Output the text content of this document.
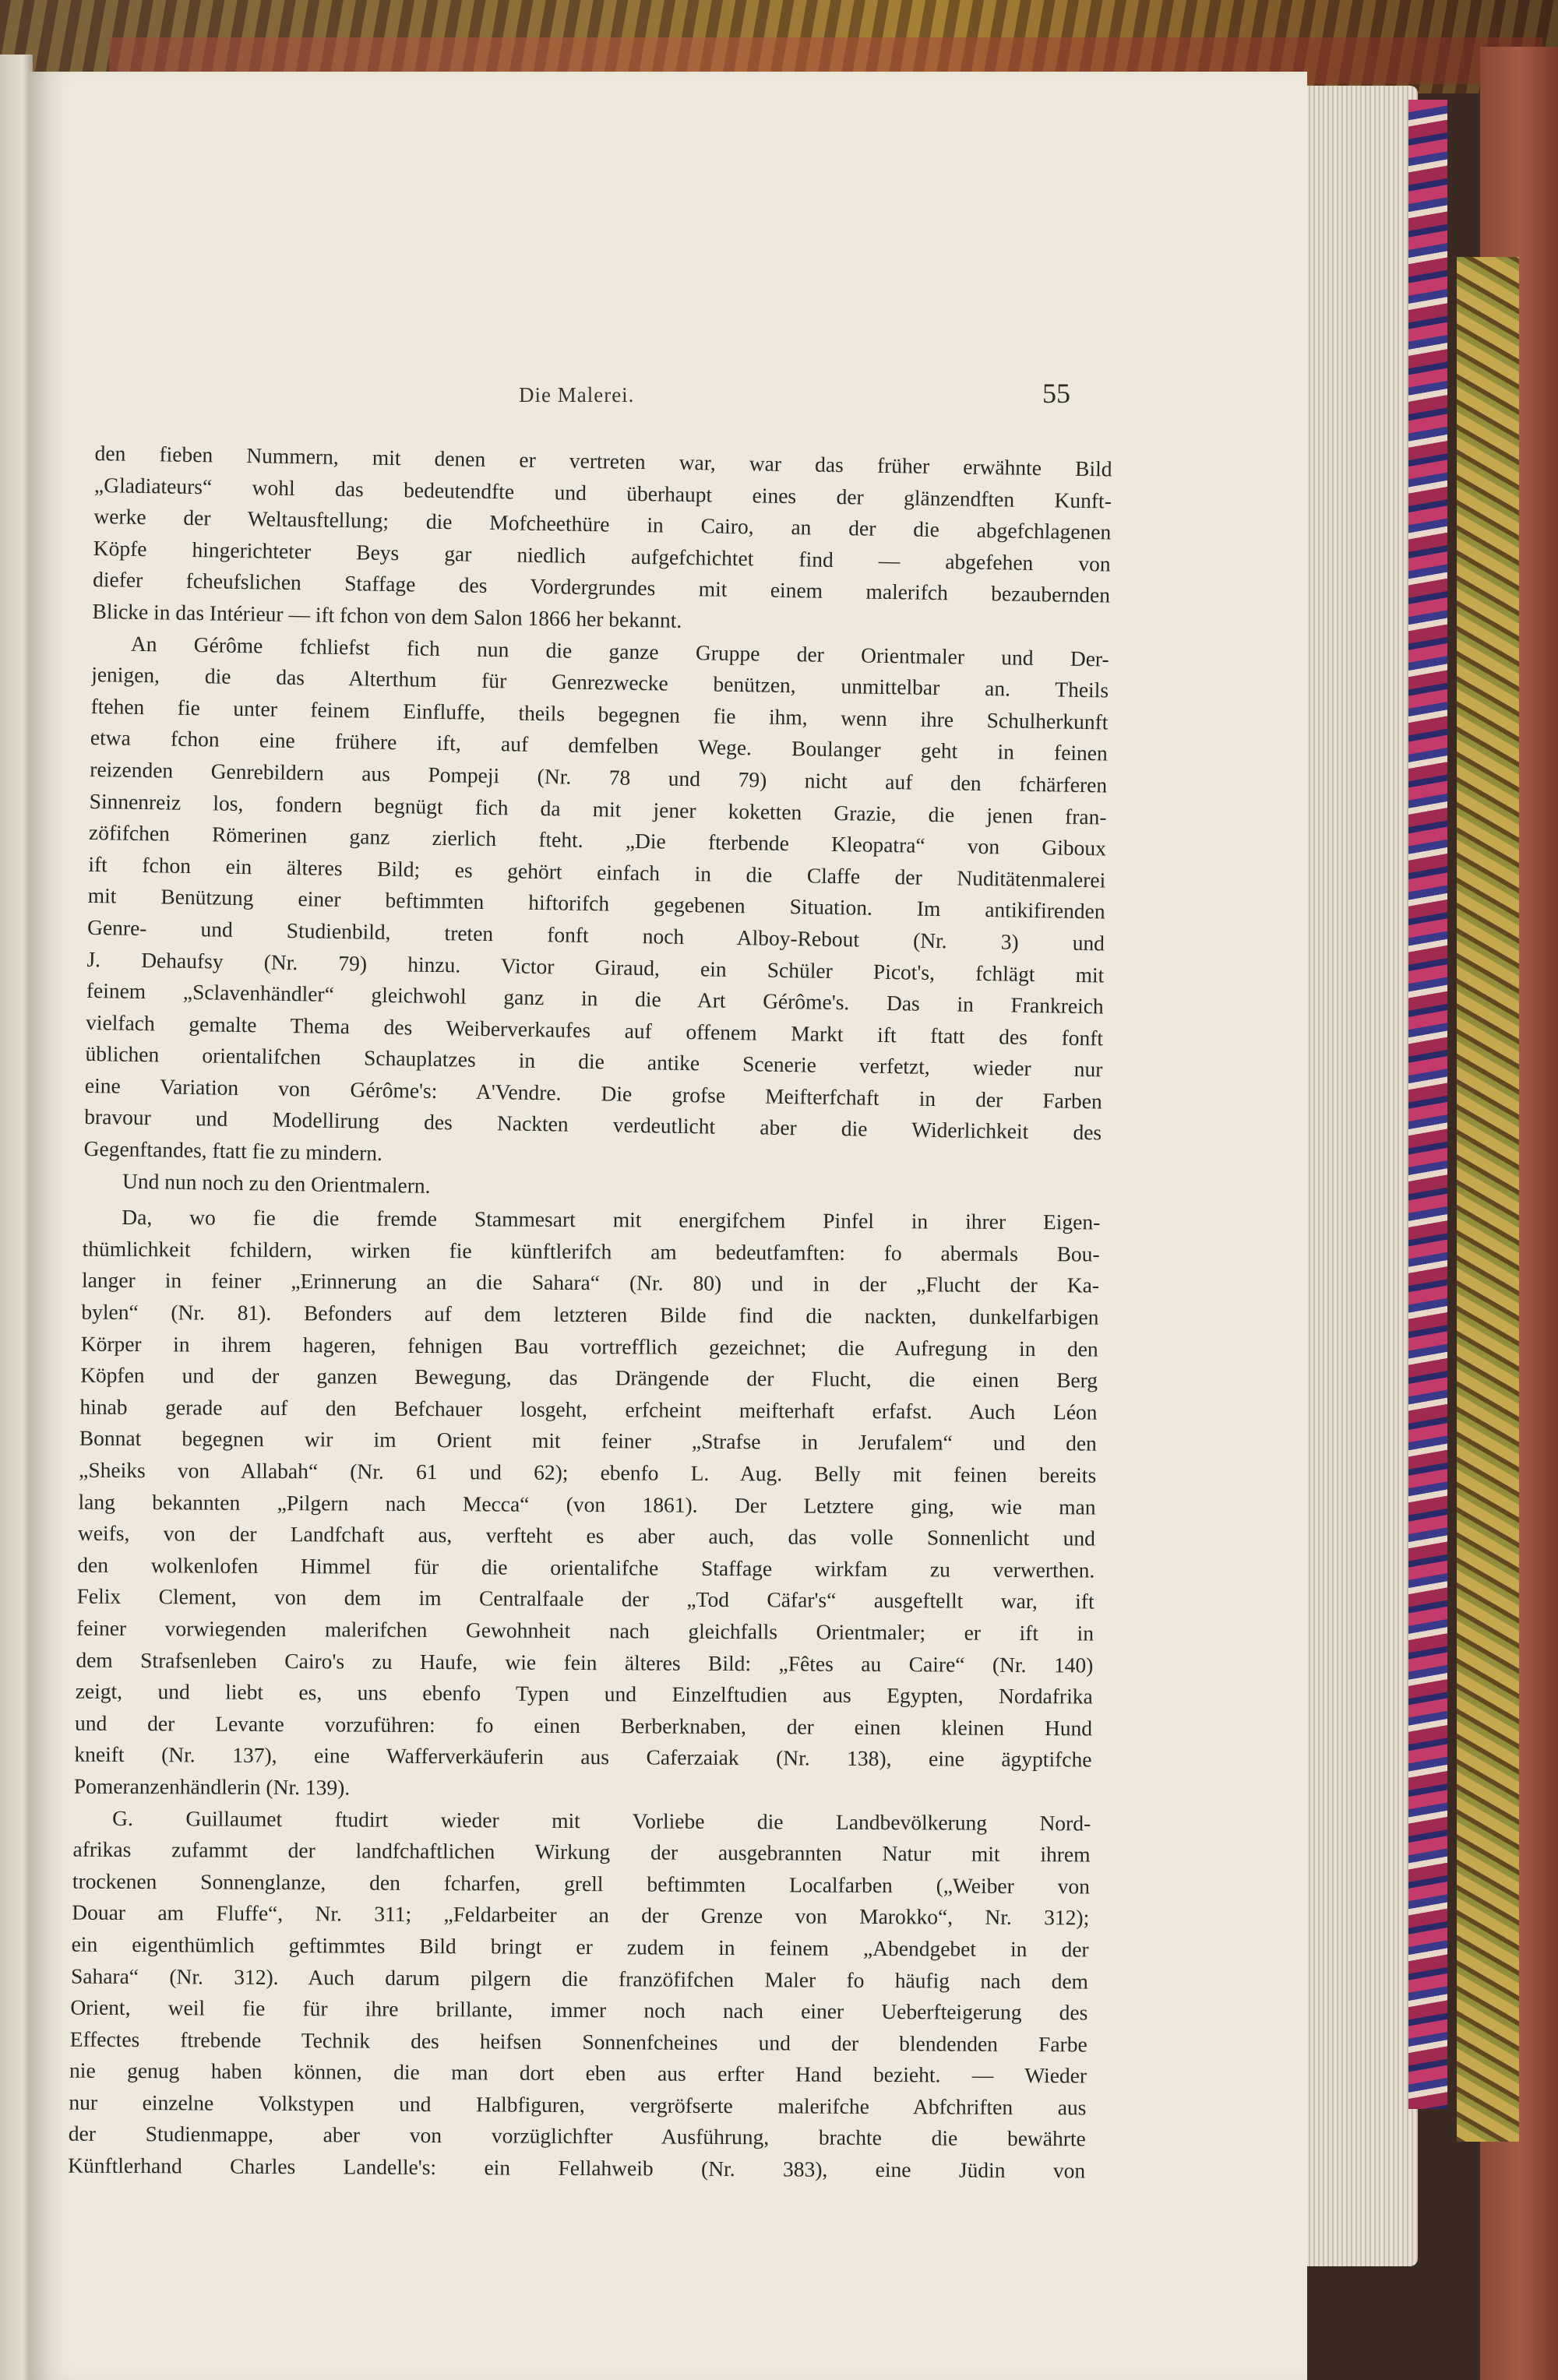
Die Malerei.	55
den fieben Nummern, mit denen er vertreten war, war das früher erwähnte Bild
„Gladiateurs“ wohl das bedeutendfte und überhaupt eines der glänzendften Kunft-
werke der Weltausftellung; die Mofcheethüre in Cairo, an der die abgefchlagenen
Köpfe hingerichteter Beys gar niedlich aufgefchichtet find — abgefehen von
diefer fcheufslichen Staffage des Vordergrundes mit einem malerifch bezaubernden
Blicke in das Intérieur — ift fchon von dem Salon 1866 her bekannt.
An Gérôme fchliefst fich nun die ganze Gruppe der Orientmaler und Der-
jenigen, die das Alterthum für Genrezwecke benützen, unmittelbar an. Theils
ftehen fie unter feinem Einfluffe, theils begegnen fie ihm, wenn ihre Schulherkunft
etwa fchon eine frühere ift, auf demfelben Wege. Boulanger geht in feinen
reizenden Genrebildern aus Pompeji (Nr. 78 und 79) nicht auf den fchärferen
Sinnenreiz los, fondern begnügt fich da mit jener koketten Grazie, die jenen fran-
zöfifchen Römerinen ganz zierlich fteht. „Die fterbende Kleopatra“ von Giboux
ift fchon ein älteres Bild; es gehört einfach in die Claffe der Nuditätenmalerei
mit Benützung einer beftimmten hiftorifch gegebenen Situation. Im antikifirenden
Genre- und Studienbild, treten fonft noch Alboy-Rebout (Nr. 3) und
J. Dehaufsy (Nr. 79) hinzu. Victor Giraud, ein Schüler Picot's, fchlägt mit
feinem „Sclavenhändler“ gleichwohl ganz in die Art Gérôme's. Das in Frankreich
vielfach gemalte Thema des Weiberverkaufes auf offenem Markt ift ftatt des fonft
üblichen orientalifchen Schauplatzes in die antike Scenerie verfetzt, wieder nur
eine Variation von Gérôme's: A'Vendre. Die grofse Meifterfchaft in der Farben
bravour und Modellirung des Nackten verdeutlicht aber die Widerlichkeit des
Gegenftandes, ftatt fie zu mindern.
Und nun noch zu den Orientmalern.
Da, wo fie die fremde Stammesart mit energifchem Pinfel in ihrer Eigen-
thümlichkeit fchildern, wirken fie künftlerifch am bedeutfamften: fo abermals Bou-
langer in feiner „Erinnerung an die Sahara“ (Nr. 80) und in der „Flucht der Ka-
bylen“ (Nr. 81). Befonders auf dem letzteren Bilde find die nackten, dunkelfarbigen
Körper in ihrem hageren, fehnigen Bau vortrefflich gezeichnet; die Aufregung in den
Köpfen und der ganzen Bewegung, das Drängende der Flucht, die einen Berg
hinab gerade auf den Befchauer losgeht, erfcheint meifterhaft erfafst. Auch Léon
Bonnat begegnen wir im Orient mit feiner „Strafse in Jerufalem“ und den
„Sheiks von Allabah“ (Nr. 61 und 62); ebenfo L. Aug. Belly mit feinen bereits
lang bekannten „Pilgern nach Mecca“ (von 1861). Der Letztere ging, wie man
weifs, von der Landfchaft aus, verfteht es aber auch, das volle Sonnenlicht und
den wolkenlofen Himmel für die orientalifche Staffage wirkfam zu verwerthen.
Felix Clement, von dem im Centralfaale der „Tod Cäfar's“ ausgeftellt war, ift
feiner vorwiegenden malerifchen Gewohnheit nach gleichfalls Orientmaler; er ift in
dem Strafsenleben Cairo's zu Haufe, wie fein älteres Bild: „Fêtes au Caire“ (Nr. 140)
zeigt, und liebt es, uns ebenfo Typen und Einzelftudien aus Egypten, Nordafrika
und der Levante vorzuführen: fo einen Berberknaben, der einen kleinen Hund
kneift (Nr. 137), eine Wafferverkäuferin aus Caferzaiak (Nr. 138), eine ägyptifche
Pomeranzenhändlerin (Nr. 139).
G. Guillaumet ftudirt wieder mit Vorliebe die Landbevölkerung Nord-
afrikas zufammt der landfchaftlichen Wirkung der ausgebrannten Natur mit ihrem
trockenen Sonnenglanze, den fcharfen, grell beftimmten Localfarben („Weiber von
Douar am Fluffe“, Nr. 311; „Feldarbeiter an der Grenze von Marokko“, Nr. 312);
ein eigenthümlich geftimmtes Bild bringt er zudem in feinem „Abendgebet in der
Sahara“ (Nr. 312). Auch darum pilgern die franzöfifchen Maler fo häufig nach dem
Orient, weil fie für ihre brillante, immer noch nach einer Ueberfteigerung des
Effectes ftrebende Technik des heifsen Sonnenfcheines und der blendenden Farbe
nie genug haben können, die man dort eben aus erfter Hand bezieht. — Wieder
nur einzelne Volkstypen und Halbfiguren, vergröfserte malerifche Abfchriften aus
der Studienmappe, aber von vorzüglichfter Ausführung, brachte die bewährte
Künftlerhand Charles Landelle's: ein Fellahweib (Nr. 383), eine Jüdin von
